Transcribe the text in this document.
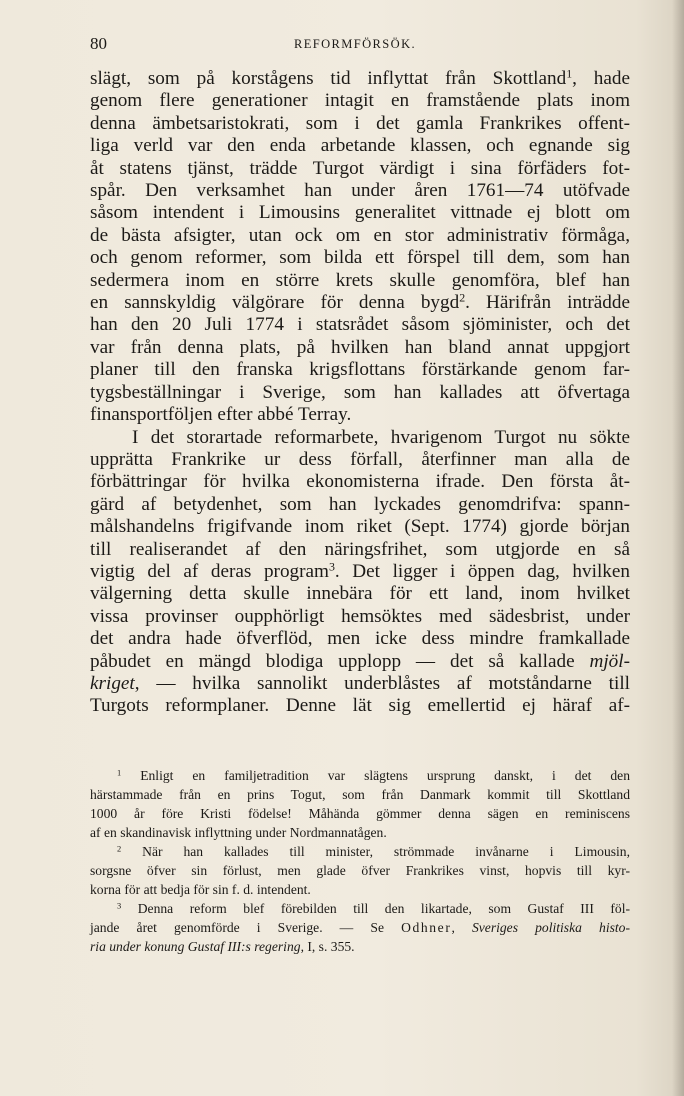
80	REFORMFÖRSÖK.
slägt, som på korstågens tid inflyttat från Skottland$^1$, hade
genom flere generationer intagit en framstående plats inom
denna ämbetsaristokrati, som i det gamla Frankrikes offent-
liga verld var den enda arbetande klassen, och egnande sig
åt statens tjänst, trädde Turgot värdigt i sina förfäders fot-
spår. Den verksamhet han under åren 1761—74 utöfvade
såsom intendent i Limousins generalitet vittnade ej blott om
de bästa afsigter, utan ock om en stor administrativ förmåga,
och genom reformer, som bilda ett förspel till dem, som han
sedermera inom en större krets skulle genomföra, blef han
en sannskyldig välgörare för denna bygd$^2$. Härifrån inträdde
han den 20 Juli 1774 i statsrådet såsom sjöminister, och det
var från denna plats, på hvilken han bland annat uppgjort
planer till den franska krigsflottans förstärkande genom far-
tygsbeställningar i Sverige, som han kallades att öfvertaga
finansportföljen efter abbé Terray.
I det storartade reformarbete, hvarigenom Turgot nu sökte
upprätta Frankrike ur dess förfall, återfinner man alla de
förbättringar för hvilka ekonomisterna ifrade. Den första åt-
gärd af betydenhet, som han lyckades genomdrifva: spann-
målshandelns frigifvande inom riket (Sept. 1774) gjorde början
till realiserandet af den näringsfrihet, som utgjorde en så
vigtig del af deras program$^3$. Det ligger i öppen dag, hvilken
välgerning detta skulle innebära för ett land, inom hvilket
vissa provinser oupphörligt hemsöktes med sädesbrist, under
det andra hade öfverflöd, men icke dess mindre framkallade
påbudet en mängd blodiga upplopp — det så kallade mjöl-
kriget, — hvilka sannolikt underblåstes af motståndarne till
Turgots reformplaner. Denne lät sig emellertid ej häraf af-
$^1$ Enligt en familjetradition var slägtens ursprung danskt, i det den
härstammade från en prins Togut, som från Danmark kommit till Skottland
1000 år före Kristi födelse! Måhända gömmer denna sägen en reminiscens
af en skandinavisk inflyttning under Nordmannatågen.
$^2$ När han kallades till minister, strömmade invånarne i Limousin,
sorgsne öfver sin förlust, men glade öfver Frankrikes vinst, hopvis till kyr-
korna för att bedja för sin f. d. intendent.
$^3$ Denna reform blef förebilden till den likartade, som Gustaf III föl-
jande året genomförde i Sverige. — Se Odhner, Sveriges politiska histo-
ria under konung Gustaf III:s regering, I, s. 355.
